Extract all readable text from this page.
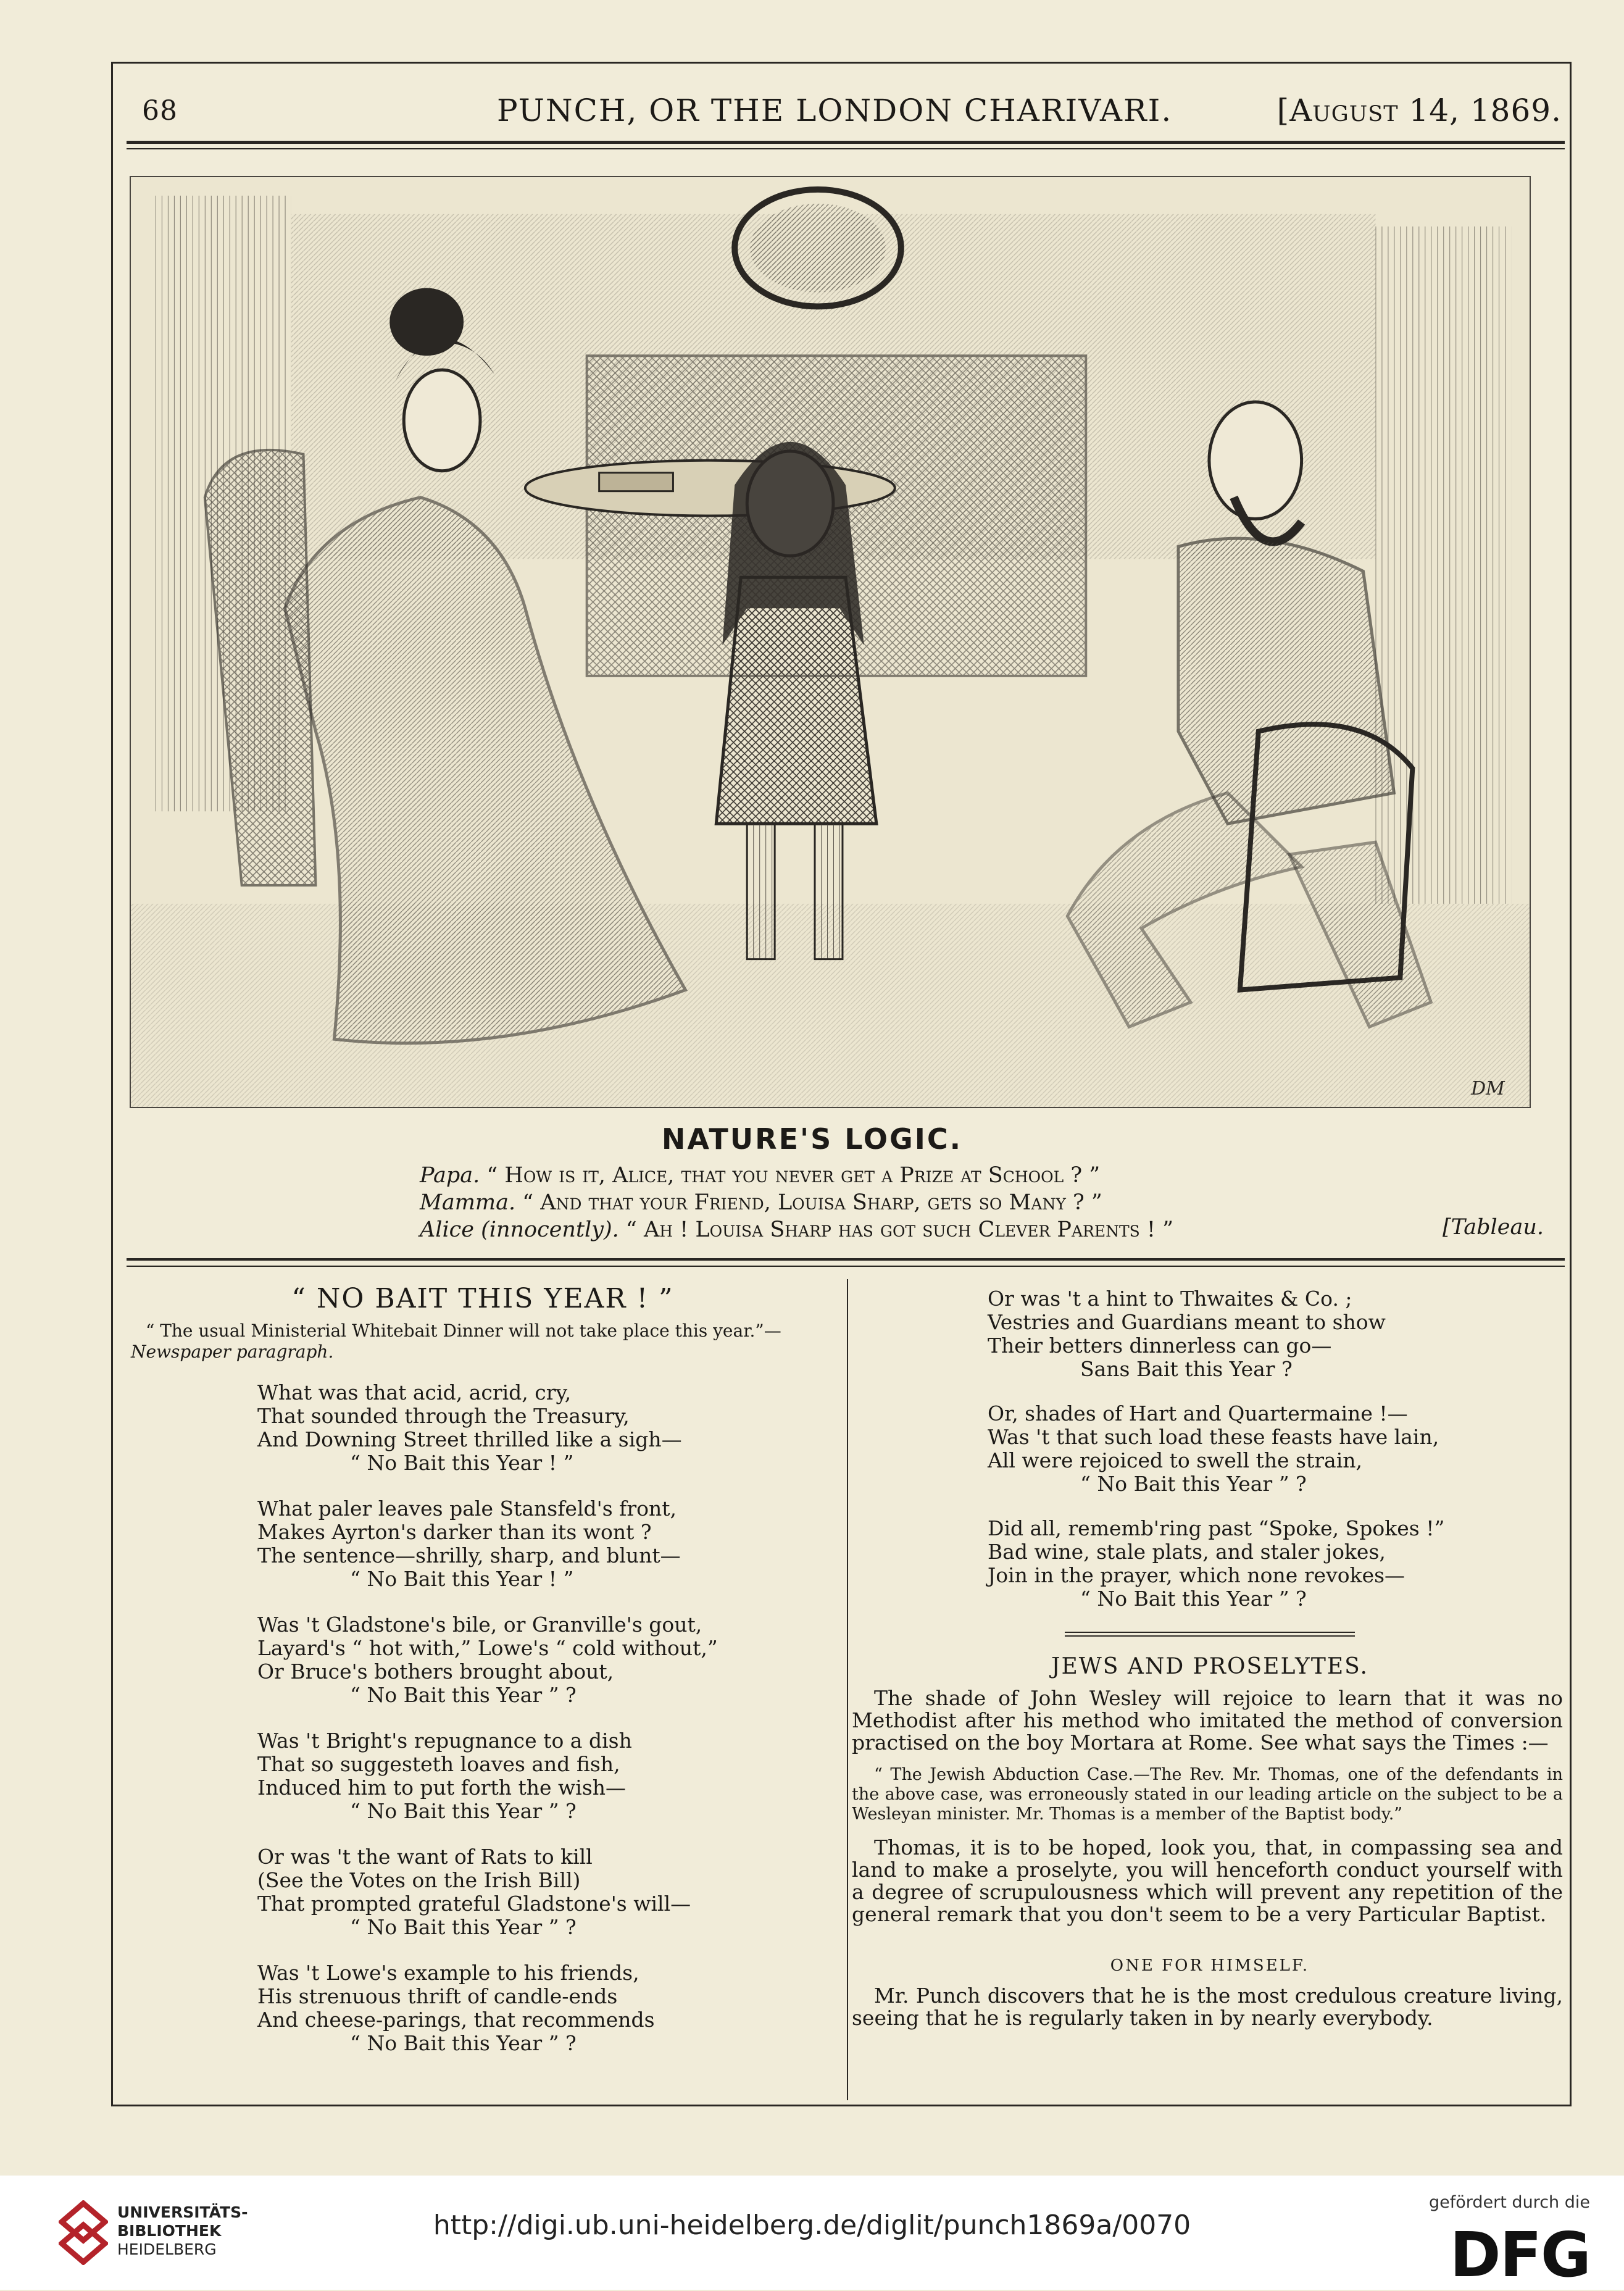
68	PUNCH, OR THE LONDON CHARIVARI.	[August 14, 1869.
DM
NATURE'S LOGIC.
Papa. “ How is it, Alice, that you never get a Prize at School ? ”
Mamma. “ And that your Friend, Louisa Sharp, gets so Many ? ”
Alice (innocently). “ Ah ! Louisa Sharp has got such Clever Parents ! ”	[Tableau.
“ NO BAIT THIS YEAR ! ”
“ The usual Ministerial Whitebait Dinner will not take place this year.”— Newspaper paragraph.
What was that acid, acrid, cry,
That sounded through the Treasury,
And Downing Street thrilled like a sigh—
“ No Bait this Year ! ”
What paler leaves pale Stansfeld's front,
Makes Ayrton's darker than its wont ?
The sentence—shrilly, sharp, and blunt—
“ No Bait this Year ! ”
Was 't Gladstone's bile, or Granville's gout,
Layard's “ hot with,” Lowe's “ cold without,”
Or Bruce's bothers brought about,
“ No Bait this Year ” ?
Was 't Bright's repugnance to a dish
That so suggesteth loaves and fish,
Induced him to put forth the wish—
“ No Bait this Year ” ?
Or was 't the want of Rats to kill
(See the Votes on the Irish Bill)
That prompted grateful Gladstone's will—
“ No Bait this Year ” ?
Was 't Lowe's example to his friends,
His strenuous thrift of candle-ends
And cheese-parings, that recommends
“ No Bait this Year ” ?
Or was 't a hint to Thwaites & Co. ;
Vestries and Guardians meant to show
Their betters dinnerless can go—
Sans Bait this Year ?
Or, shades of Hart and Quartermaine !—
Was 't that such load these feasts have lain,
All were rejoiced to swell the strain,
“ No Bait this Year ” ?
Did all, rememb'ring past “Spoke, Spokes !”
Bad wine, stale plats, and staler jokes,
Join in the prayer, which none revokes—
“ No Bait this Year ” ?
JEWS AND PROSELYTES.

The shade of John Wesley will rejoice to learn that it was no Methodist after his method who imitated the method of conversion practised on the boy Mortara at Rome. See what says the Times :—

“ The Jewish Abduction Case.—The Rev. Mr. Thomas, one of the defendants in the above case, was erroneously stated in our leading article on the subject to be a Wesleyan minister. Mr. Thomas is a member of the Baptist body.”

Thomas, it is to be hoped, look you, that, in compassing sea and land to make a proselyte, you will henceforth conduct yourself with a degree of scrupulousness which will prevent any repetition of the general remark that you don't seem to be a very Particular Baptist.

ONE FOR HIMSELF.

Mr. Punch discovers that he is the most credulous creature living, seeing that he is regularly taken in by nearly everybody.

UNIVERSITÄTS-
BIBLIOTHEK
HEIDELBERG
http://digi.ub.uni-heidelberg.de/diglit/punch1869a/0070
gefördert durch die
DFG
